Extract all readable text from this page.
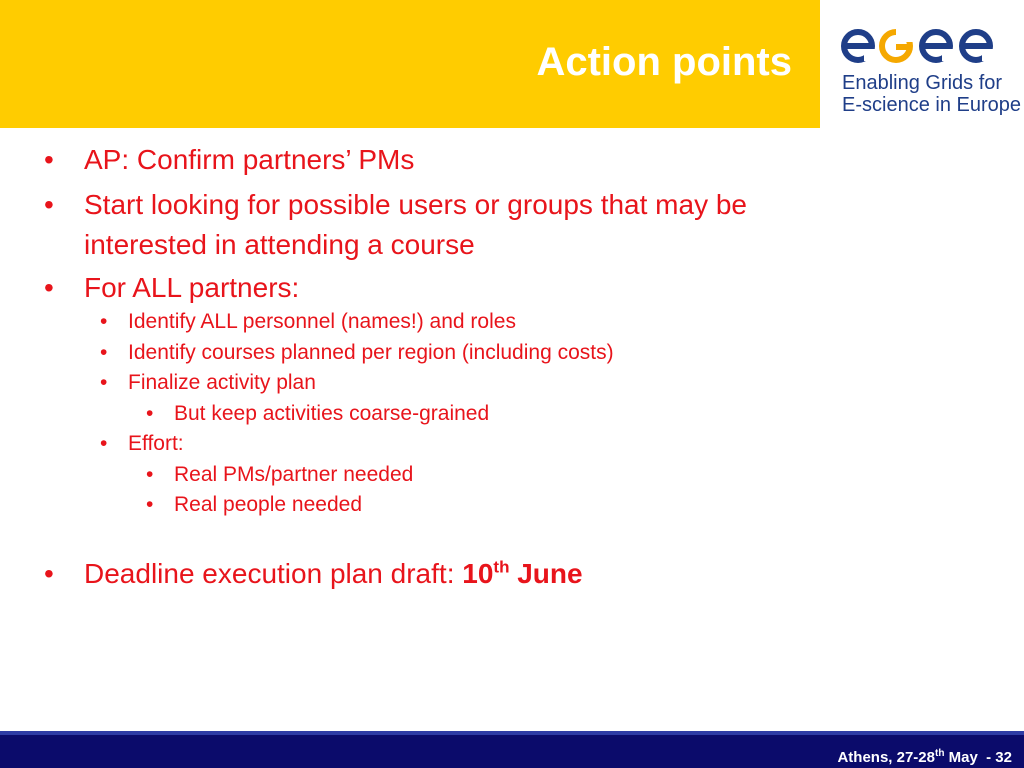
Action points	Enabling Grids for
E-science in Europe
• AP: Confirm partners’ PMs
• Start looking for possible users or groups that may be
interested in attending a course
• For ALL partners:
• Identify ALL personnel (names!) and roles
• Identify courses planned per region (including costs)
• Finalize activity plan
• But keep activities coarse-grained
• Effort:
• Real PMs/partner needed
• Real people needed
• Deadline execution plan draft: 10th June
Athens, 27-28th May  - 32
